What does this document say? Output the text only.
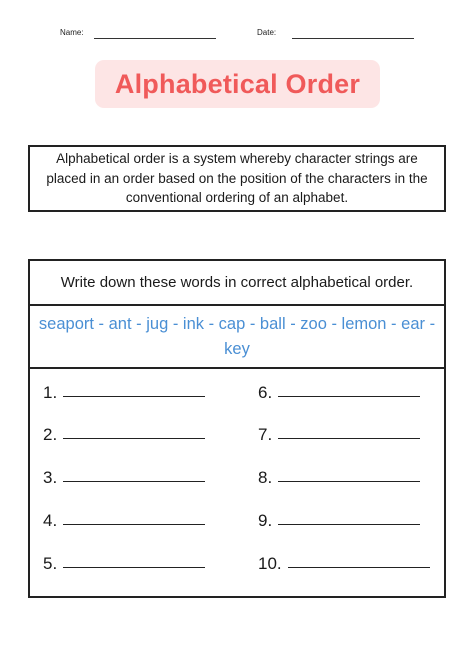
Name:	Date:
Alphabetical Order
Alphabetical order is a system whereby character strings are placed in an order based on the position of the characters in the conventional ordering of an alphabet.
Write down these words in correct alphabetical order.
seaport - ant - jug - ink - cap - ball - zoo - lemon - ear - key
1.
2.
3.
4.
5.
6.
7.
8.
9.
10.
